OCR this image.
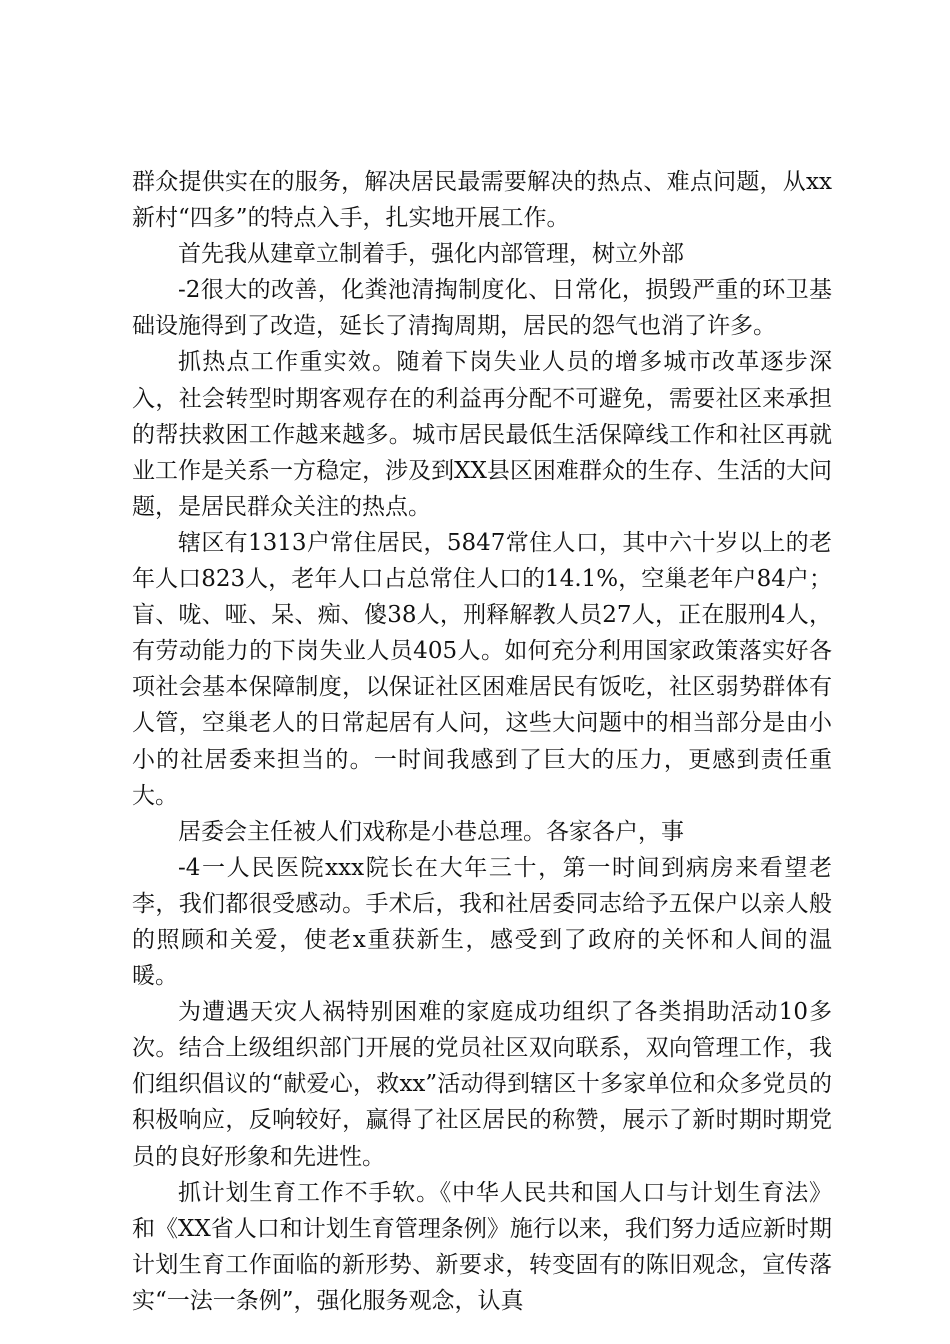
群众提供实在的服务，解决居民最需要解决的热点、难点问题，从xx新村“四多”的特点入手，扎实地开展工作。

首先我从建章立制着手，强化内部管理，树立外部

-2很大的改善，化粪池清掏制度化、日常化，损毁严重的环卫基础设施得到了改造，延长了清掏周期，居民的怨气也消了许多。

抓热点工作重实效。随着下岗失业人员的增多城市改革逐步深入，社会转型时期客观存在的利益再分配不可避免，需要社区来承担的帮扶救困工作越来越多。城市居民最低生活保障线工作和社区再就业工作是关系一方稳定，涉及到XX县区困难群众的生存、生活的大问题，是居民群众关注的热点。

辖区有1313户常住居民，5847常住人口，其中六十岁以上的老年人口823人，老年人口占总常住人口的14.1%，空巢老年户84户；盲、咙、哑、呆、痴、傻38人，刑释解教人员27人，正在服刑4人，有劳动能力的下岗失业人员405人。如何充分利用国家政策落实好各项社会基本保障制度，以保证社区困难居民有饭吃，社区弱势群体有人管，空巢老人的日常起居有人问，这些大问题中的相当部分是由小小的社居委来担当的。一时间我感到了巨大的压力，更感到责任重大。

居委会主任被人们戏称是小巷总理。各家各户，事

-4一人民医院xxx院长在大年三十，第一时间到病房来看望老李，我们都很受感动。手术后，我和社居委同志给予五保户以亲人般的照顾和关爱，使老x重获新生，感受到了政府的关怀和人间的温暖。

为遭遇天灾人祸特别困难的家庭成功组织了各类捐助活动10多次。结合上级组织部门开展的党员社区双向联系，双向管理工作，我们组织倡议的“献爱心，救xx”活动得到辖区十多家单位和众多党员的积极响应，反响较好，赢得了社区居民的称赞，展示了新时期时期党员的良好形象和先进性。

抓计划生育工作不手软。《中华人民共和国人口与计划生育法》和《XX省人口和计划生育管理条例》施行以来，我们努力适应新时期计划生育工作面临的新形势、新要求，转变固有的陈旧观念，宣传落实“一法一条例”，强化服务观念，认真
